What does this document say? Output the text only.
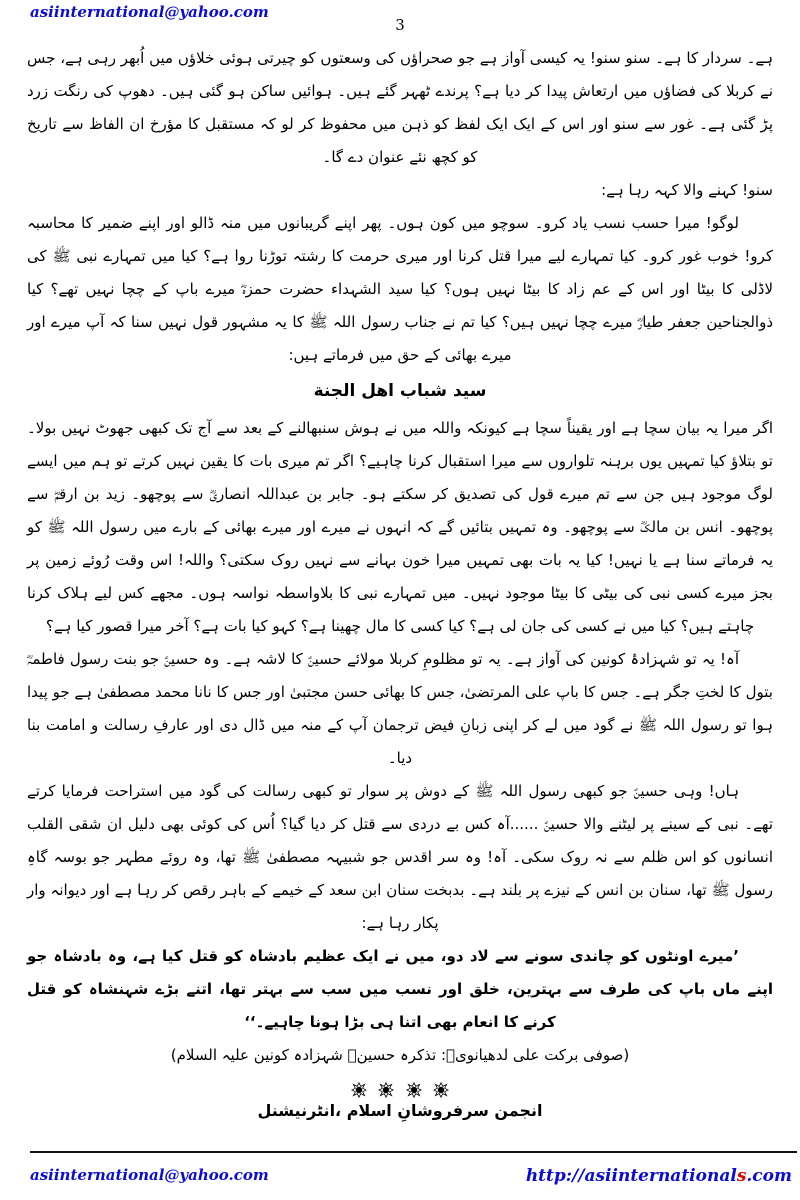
asiinternational@yahoo.com
3

ہے۔ سردار کا ہے۔ سنو سنو! یہ کیسی آواز ہے جو صحراؤں کی وسعتوں کو چیرتی ہوئی خلاؤں میں اُبھر رہی ہے، جس نے کربلا کی فضاؤں میں ارتعاش پیدا کر دیا ہے؟ پرندے ٹھہر گئے ہیں۔ ہوائیں ساکن ہو گئی ہیں۔ دھوپ کی رنگت زرد پڑ گئی ہے۔ غور سے سنو اور اس کے ایک ایک لفظ کو ذہن میں محفوظ کر لو کہ مستقبل کا مؤرخ ان الفاظ سے تاریخ کو کچھ نئے عنوان دے گا۔

سنو! کہنے والا کہہ رہا ہے:

لوگو! میرا حسب نسب یاد کرو۔ سوچو میں کون ہوں۔ پھر اپنے گریبانوں میں منہ ڈالو اور اپنے ضمیر کا محاسبہ کرو! خوب غور کرو۔ کیا تمہارے لیے میرا قتل کرنا اور میری حرمت کا رشتہ توڑنا روا ہے؟ کیا میں تمہارے نبی ﷺ کی لاڈلی کا بیٹا اور اس کے عم زاد کا بیٹا نہیں ہوں؟ کیا سید الشہداء حضرت حمزہؓ میرے باپ کے چچا نہیں تھے؟ کیا ذوالجناحین جعفر طیارؓ میرے چچا نہیں ہیں؟ کیا تم نے جناب رسول اللہ ﷺ کا یہ مشہور قول نہیں سنا کہ آپ میرے اور میرے بھائی کے حق میں فرماتے ہیں:

سید شباب اهل الجنة

اگر میرا یہ بیان سچا ہے اور یقیناً سچا ہے کیونکہ واللہ میں نے ہوش سنبھالنے کے بعد سے آج تک کبھی جھوٹ نہیں بولا۔ تو بتلاؤ کیا تمہیں یوں برہنہ تلواروں سے میرا استقبال کرنا چاہیے؟ اگر تم میری بات کا یقین نہیں کرتے تو ہم میں ایسے لوگ موجود ہیں جن سے تم میرے قول کی تصدیق کر سکتے ہو۔ جابر بن عبداللہ انصاریؓ سے پوچھو۔ زید بن ارقمؓ سے پوچھو۔ انس بن مالکؓ سے پوچھو۔ وہ تمہیں بتائیں گے کہ انہوں نے میرے اور میرے بھائی کے بارے میں رسول اللہ ﷺ کو یہ فرماتے سنا ہے یا نہیں! کیا یہ بات بھی تمہیں میرا خون بہانے سے نہیں روک سکتی؟ واللہ! اس وقت رُوئے زمین پر بجز میرے کسی نبی کی بیٹی کا بیٹا موجود نہیں۔ میں تمہارے نبی کا بلاواسطہ نواسہ ہوں۔ مجھے کس لیے ہلاک کرنا چاہتے ہیں؟ کیا میں نے کسی کی جان لی ہے؟ کیا کسی کا مال چھینا ہے؟ کہو کیا بات ہے؟ آخر میرا قصور کیا ہے؟

آہ! یہ تو شہزادۂ کونین کی آواز ہے۔ یہ تو مظلومِ کربلا مولائے حسینؑ کا لاشہ ہے۔ وہ حسینؑ جو بنت رسول فاطمہؓ بتول کا لختِ جگر ہے۔ جس کا باپ علی المرتضیٰ، جس کا بھائی حسن مجتبیٰ اور جس کا نانا محمد مصطفیٰ ہے جو پیدا ہوا تو رسول اللہ ﷺ نے گود میں لے کر اپنی زبانِ فیض ترجمان آپ کے منہ میں ڈال دی اور عارفِ رسالت و امامت بنا دیا۔

ہاں! وہی حسینؑ جو کبھی رسول اللہ ﷺ کے دوش پر سوار تو کبھی رسالت کی گود میں استراحت فرمایا کرتے تھے۔ نبی کے سینے پر لیٹنے والا حسینؑ ......آہ کس بے دردی سے قتل کر دیا گیا؟ اُس کی کوئی بھی دلیل ان شقی القلب انسانوں کو اس ظلم سے نہ روک سکی۔ آہ! وہ سر اقدس جو شبیہہ مصطفیٰ ﷺ تھا، وہ روئے مطہر جو بوسہ گاہِ رسول ﷺ تھا، سنان بن انس کے نیزے پر بلند ہے۔ بدبخت سنان ابن سعد کے خیمے کے باہر رقص کر رہا ہے اور دیوانہ وار پکار رہا ہے:

’میرے اونٹوں کو چاندی سونے سے لاد دو، میں نے ایک عظیم بادشاہ کو قتل کیا ہے، وہ بادشاہ جو اپنے ماں باپ کی طرف سے بہترین، خلق اور نسب میں سب سے بہتر تھا، اتنے بڑے شہنشاہ کو قتل کرنے کا انعام بھی اتنا ہی بڑا ہونا چاہیے۔‘‘

(صوفی برکت علی لدھیانویؒ: تذکرہ حسینؑ شہزادہ کونین علیہ السلام)

انجمن سرفروشانِ اسلام ،انٹرنیشنل

asiinternational@yahoo.com	http://asiinternationals.com
